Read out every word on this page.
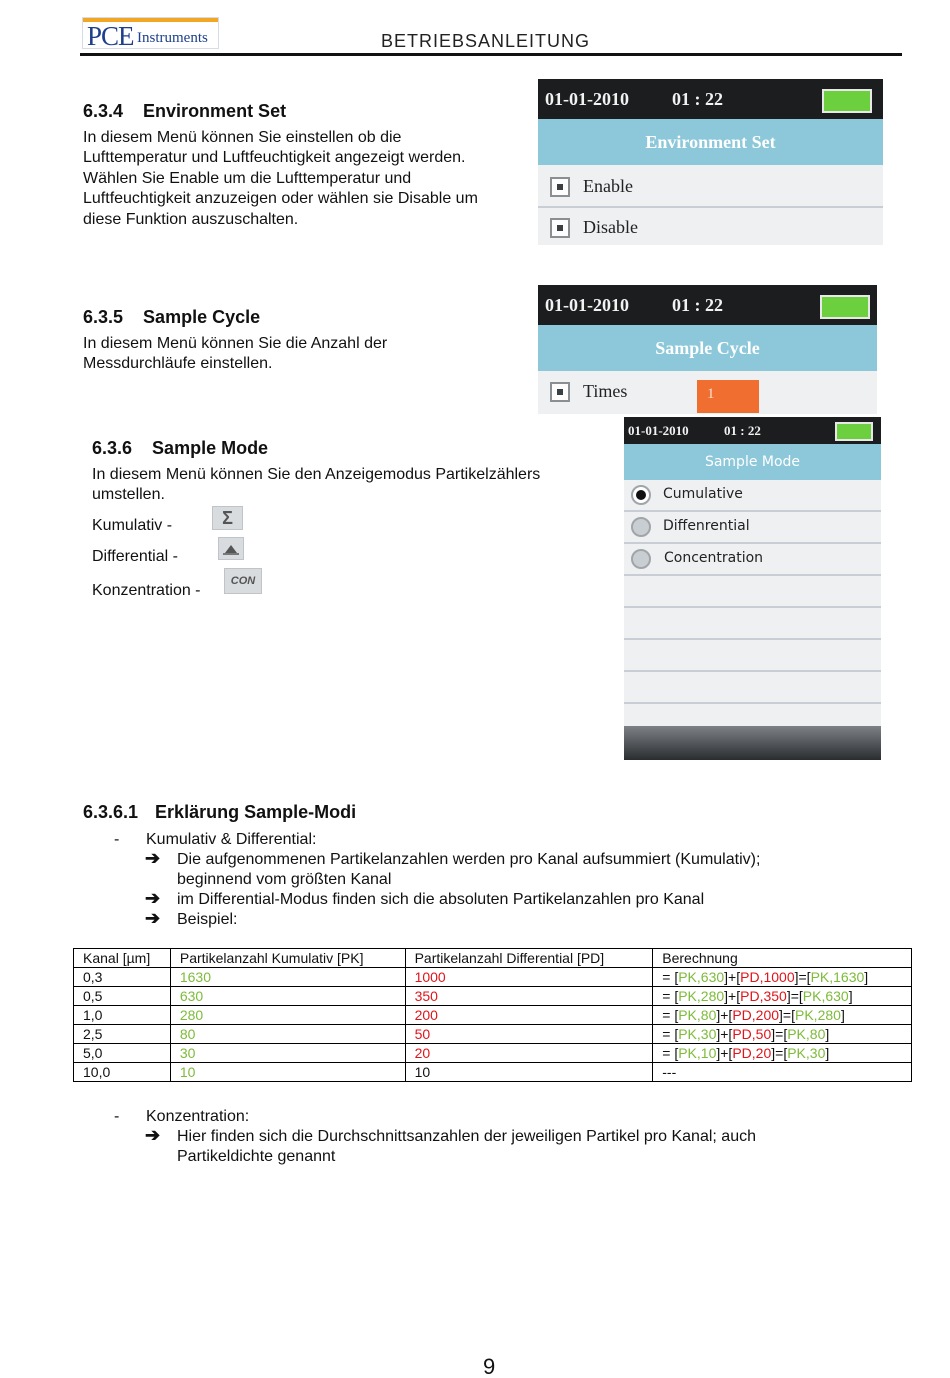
PCE Instruments	BETRIEBSANLEITUNG
6.3.4 Environment Set
In diesem Menü können Sie einstellen ob die
Lufttemperatur und Luftfeuchtigkeit angezeigt werden.
Wählen Sie Enable um die Lufttemperatur und
Luftfeuchtigkeit anzuzeigen oder wählen sie Disable um
diese Funktion auszuschalten.
01-01-2010 01 : 22
Environment Set
Enable
Disable
6.3.5 Sample Cycle
In diesem Menü können Sie die Anzahl der
Messdurchläufe einstellen.
01-01-2010 01 : 22
Sample Cycle
Times	1
6.3.6 Sample Mode
In diesem Menü können Sie den Anzeigemodus Partikelzählers
umstellen.
Kumulativ -
Differential -
Konzentration -
Σ
CON
01-01-2010	01 : 22
Sample Mode
Cumulative
Diffenrential
Concentration
6.3.6.1 Erklärung Sample-Modi
- Kumulativ & Differential:
➔ Die aufgenommenen Partikelanzahlen werden pro Kanal aufsummiert (Kumulativ);
beginnend vom größten Kanal
➔ im Differential-Modus finden sich die absoluten Partikelanzahlen pro Kanal
➔ Beispiel:
Kanal [µm]	Partikelanzahl Kumulativ [PK]	Partikelanzahl Differential [PD]	Berechnung
0,3	1630	1000	= [PK,630]+[PD,1000]=[PK,1630]
0,5	630	350	= [PK,280]+[PD,350]=[PK,630]
1,0	280	200	= [PK,80]+[PD,200]=[PK,280]
2,5	80	50	= [PK,30]+[PD,50]=[PK,80]
5,0	30	20	= [PK,10]+[PD,20]=[PK,30]
10,0	10	10	---
- Konzentration:
➔ Hier finden sich die Durchschnittsanzahlen der jeweiligen Partikel pro Kanal; auch
Partikeldichte genannt
9
